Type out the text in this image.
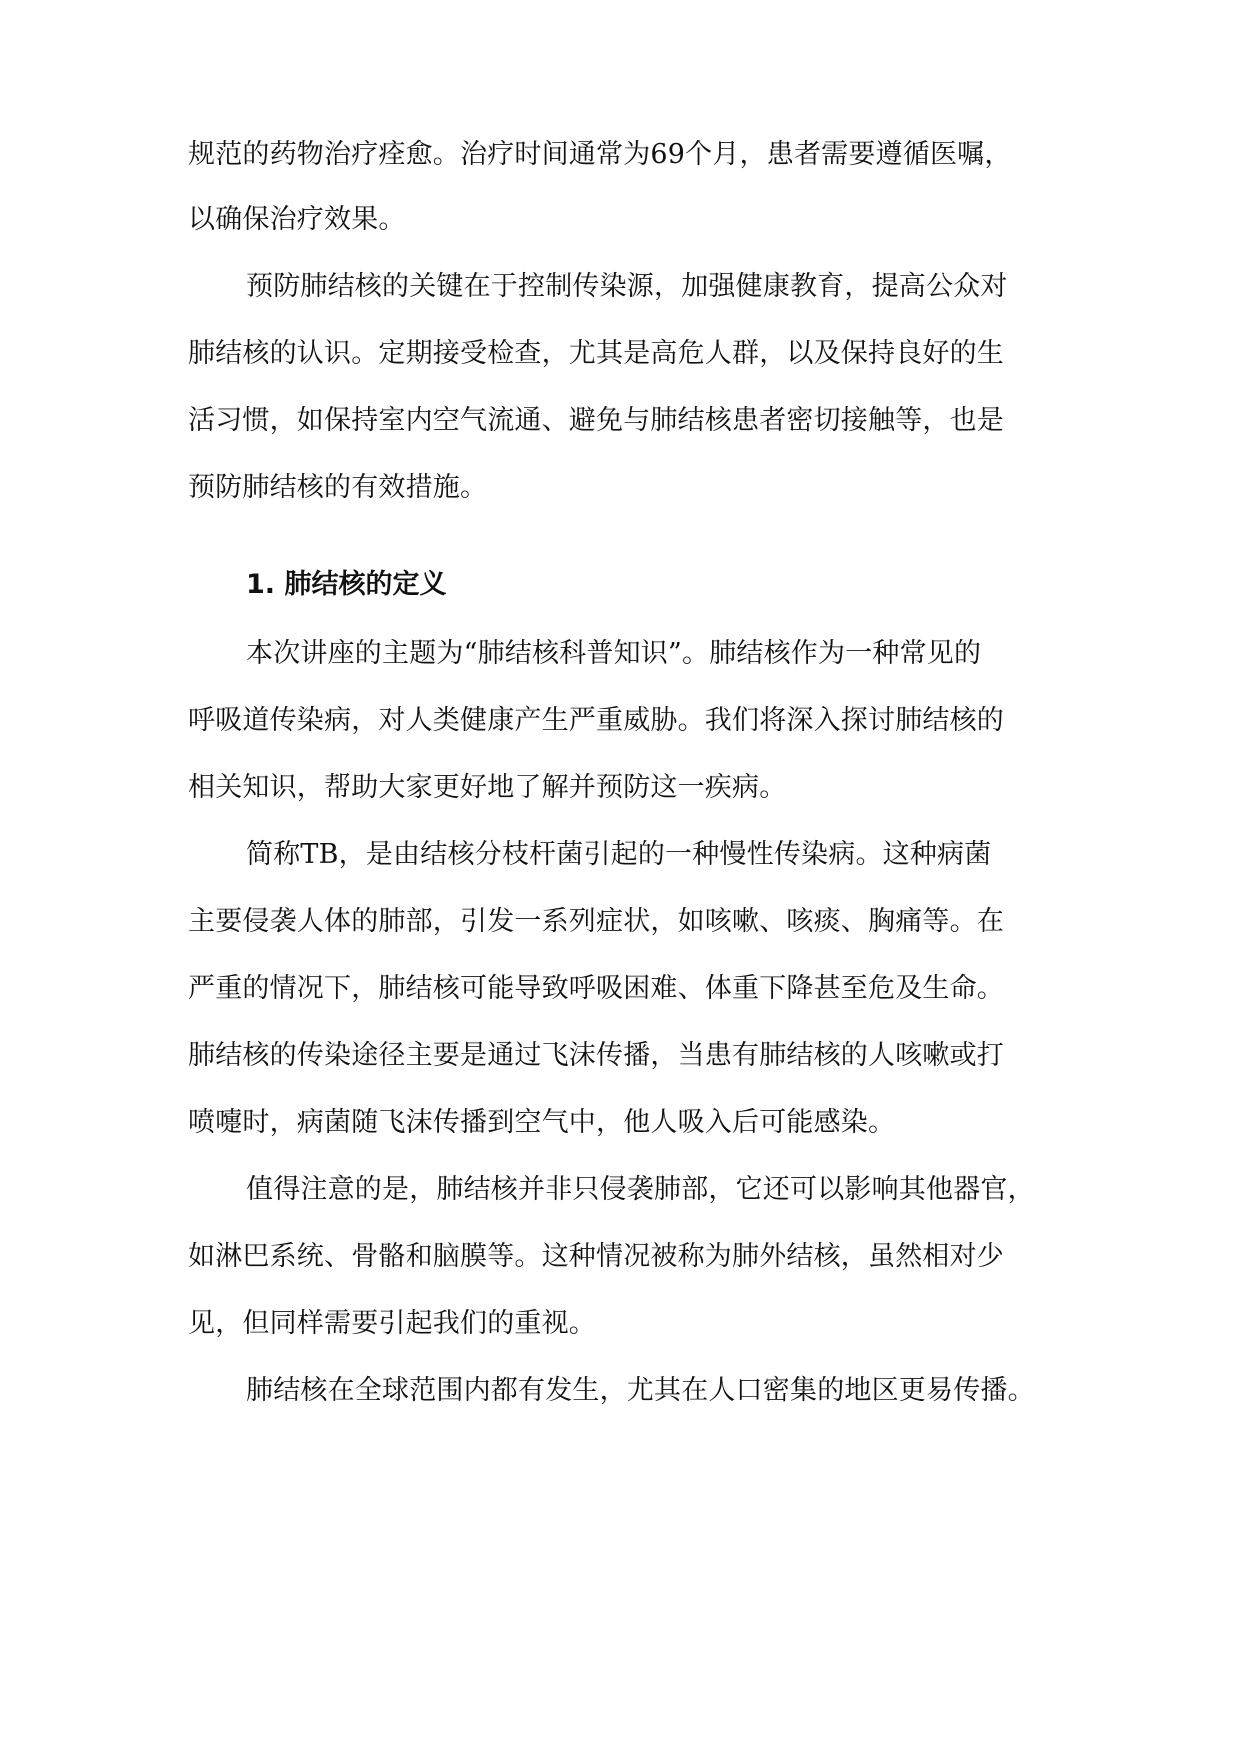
规范的药物治疗痊愈。治疗时间通常为69个月，患者需要遵循医嘱，
以确保治疗效果。
预防肺结核的关键在于控制传染源，加强健康教育，提高公众对
肺结核的认识。定期接受检查，尤其是高危人群，以及保持良好的生
活习惯，如保持室内空气流通、避免与肺结核患者密切接触等，也是
预防肺结核的有效措施。
1. 肺结核的定义
本次讲座的主题为“肺结核科普知识”。肺结核作为一种常见的
呼吸道传染病，对人类健康产生严重威胁。我们将深入探讨肺结核的
相关知识，帮助大家更好地了解并预防这一疾病。
简称TB，是由结核分枝杆菌引起的一种慢性传染病。这种病菌
主要侵袭人体的肺部，引发一系列症状，如咳嗽、咳痰、胸痛等。在
严重的情况下，肺结核可能导致呼吸困难、体重下降甚至危及生命。
肺结核的传染途径主要是通过飞沫传播，当患有肺结核的人咳嗽或打
喷嚏时，病菌随飞沫传播到空气中，他人吸入后可能感染。
值得注意的是，肺结核并非只侵袭肺部，它还可以影响其他器官，
如淋巴系统、骨骼和脑膜等。这种情况被称为肺外结核，虽然相对少
见，但同样需要引起我们的重视。
肺结核在全球范围内都有发生，尤其在人口密集的地区更易传播。
